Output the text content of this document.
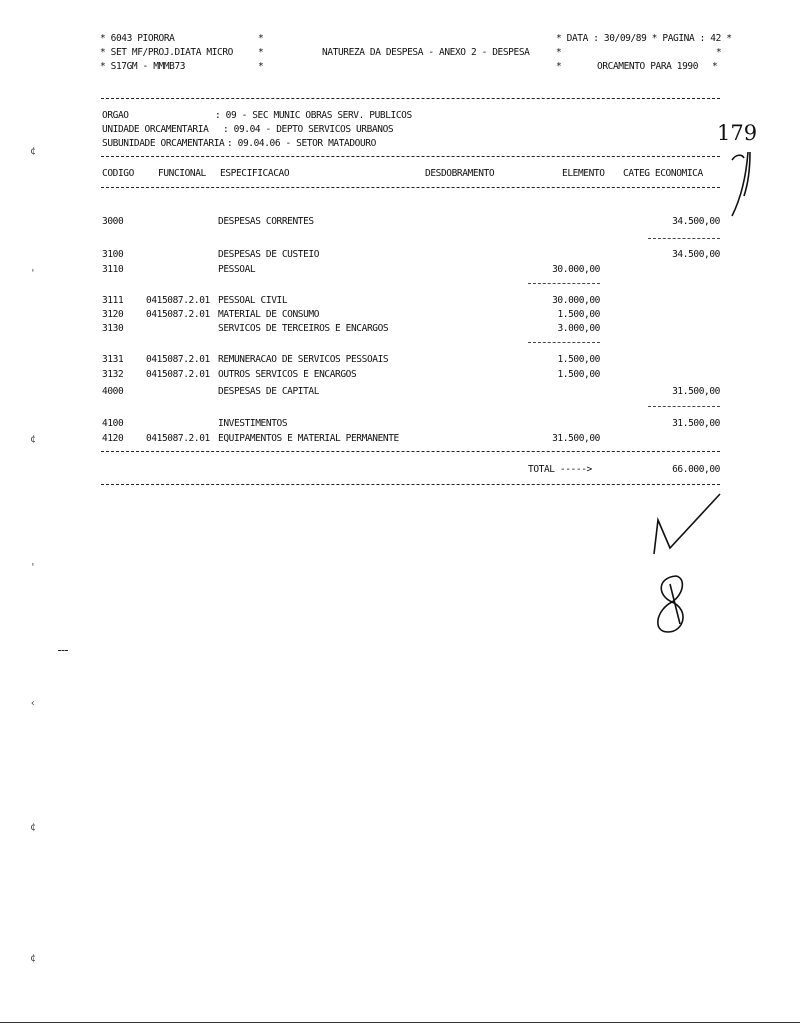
* 6043 PIORORA
* SET MF/PROJ.DIATA MICRO
* S17GM - MMMB73
*
*
*
NATUREZA DA DESPESA - ANEXO 2 - DESPESA
* DATA : 30/09/89 * PAGINA : 42 *
*	*
*	ORCAMENTO PARA 1990 *
ORGAO	: 09 - SEC MUNIC OBRAS SERV. PUBLICOS
UNIDADE ORCAMENTARIA : 09.04 - DEPTO SERVICOS URBANOS
SUBUNIDADE ORCAMENTARIA : 09.04.06 - SETOR MATADOURO	179
CODIGO	FUNCIONAL ESPECIFICACAO	DESDOBRAMENTO	ELEMENTO CATEG ECONOMICA
3000	DESPESAS CORRENTES	34.500,00
3100	DESPESAS DE CUSTEIO	34.500,00
3110	PESSOAL	30.000,00
3111 0415087.2.01 PESSOAL CIVIL	30.000,00
3120 0415087.2.01 MATERIAL DE CONSUMO	1.500,00
3130	SERVICOS DE TERCEIROS E ENCARGOS	3.000,00
3131 0415087.2.01 REMUNERACAO DE SERVICOS PESSOAIS	1.500,00
3132 0415087.2.01 OUTROS SERVICOS E ENCARGOS	1.500,00
4000	DESPESAS DE CAPITAL	31.500,00
4100	INVESTIMENTOS	31.500,00
4120 0415087.2.01 EQUIPAMENTOS E MATERIAL PERMANENTE	31.500,00
TOTAL ----->	66.000,00
¢
'
¢
'
‹
¢
¢
